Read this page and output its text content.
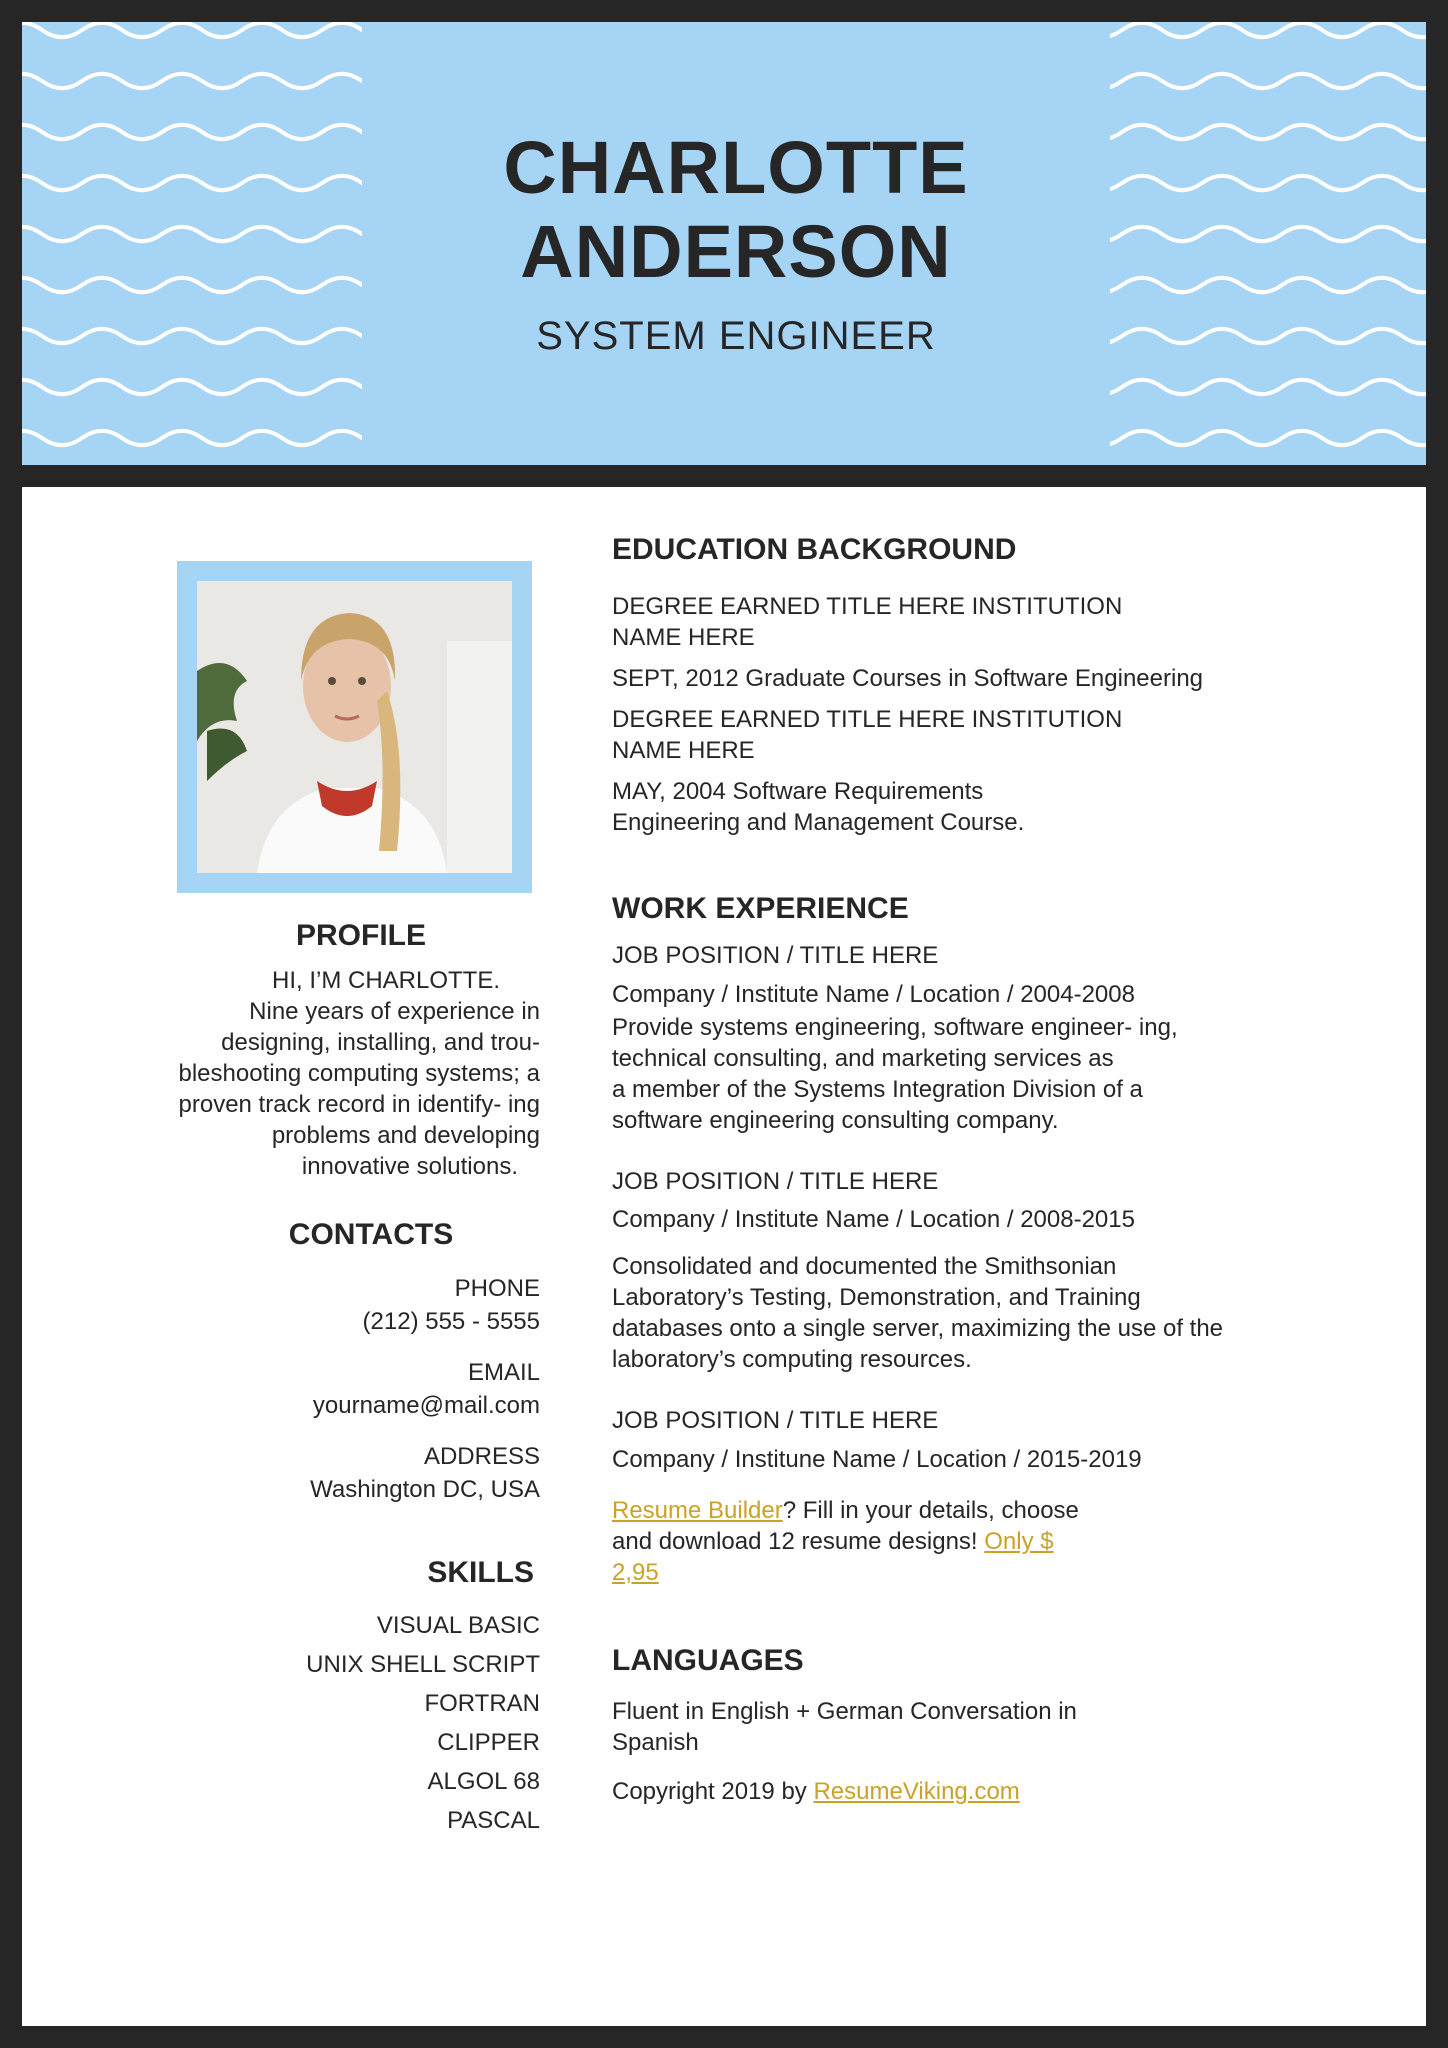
CHARLOTTE
ANDERSON
SYSTEM ENGINEER
PROFILE
HI, I’M CHARLOTTE.
Nine years of experience in
designing, installing, and trou-
bleshooting computing systems; a
proven track record in identify- ing
problems and developing
innovative solutions.
CONTACTS
PHONE
(212) 555 - 5555
EMAIL
yourname@mail.com
ADDRESS
Washington DC, USA
SKILLS
VISUAL BASIC
UNIX SHELL SCRIPT
FORTRAN
CLIPPER
ALGOL 68
PASCAL
EDUCATION BACKGROUND
DEGREE EARNED TITLE HERE INSTITUTION
NAME HERE
SEPT, 2012 Graduate Courses in Software Engineering
DEGREE EARNED TITLE HERE INSTITUTION
NAME HERE
MAY, 2004 Software Requirements
Engineering and Management Course.
WORK EXPERIENCE
JOB POSITION / TITLE HERE
Company / Institute Name / Location / 2004-2008
Provide systems engineering, software engineer- ing,
technical consulting, and marketing services as
a member of the Systems Integration Division of a
software engineering consulting company.
JOB POSITION / TITLE HERE
Company / Institute Name / Location / 2008-2015
Consolidated and documented the Smithsonian
Laboratory’s Testing, Demonstration, and Training
databases onto a single server, maximizing the use of the
laboratory’s computing resources.
JOB POSITION / TITLE HERE
Company / Institune Name / Location / 2015-2019
Resume Builder? Fill in your details, choose
and download 12 resume designs! Only $
2,95
LANGUAGES
Fluent in English + German Conversation in
Spanish
Copyright 2019 by ResumeViking.com
